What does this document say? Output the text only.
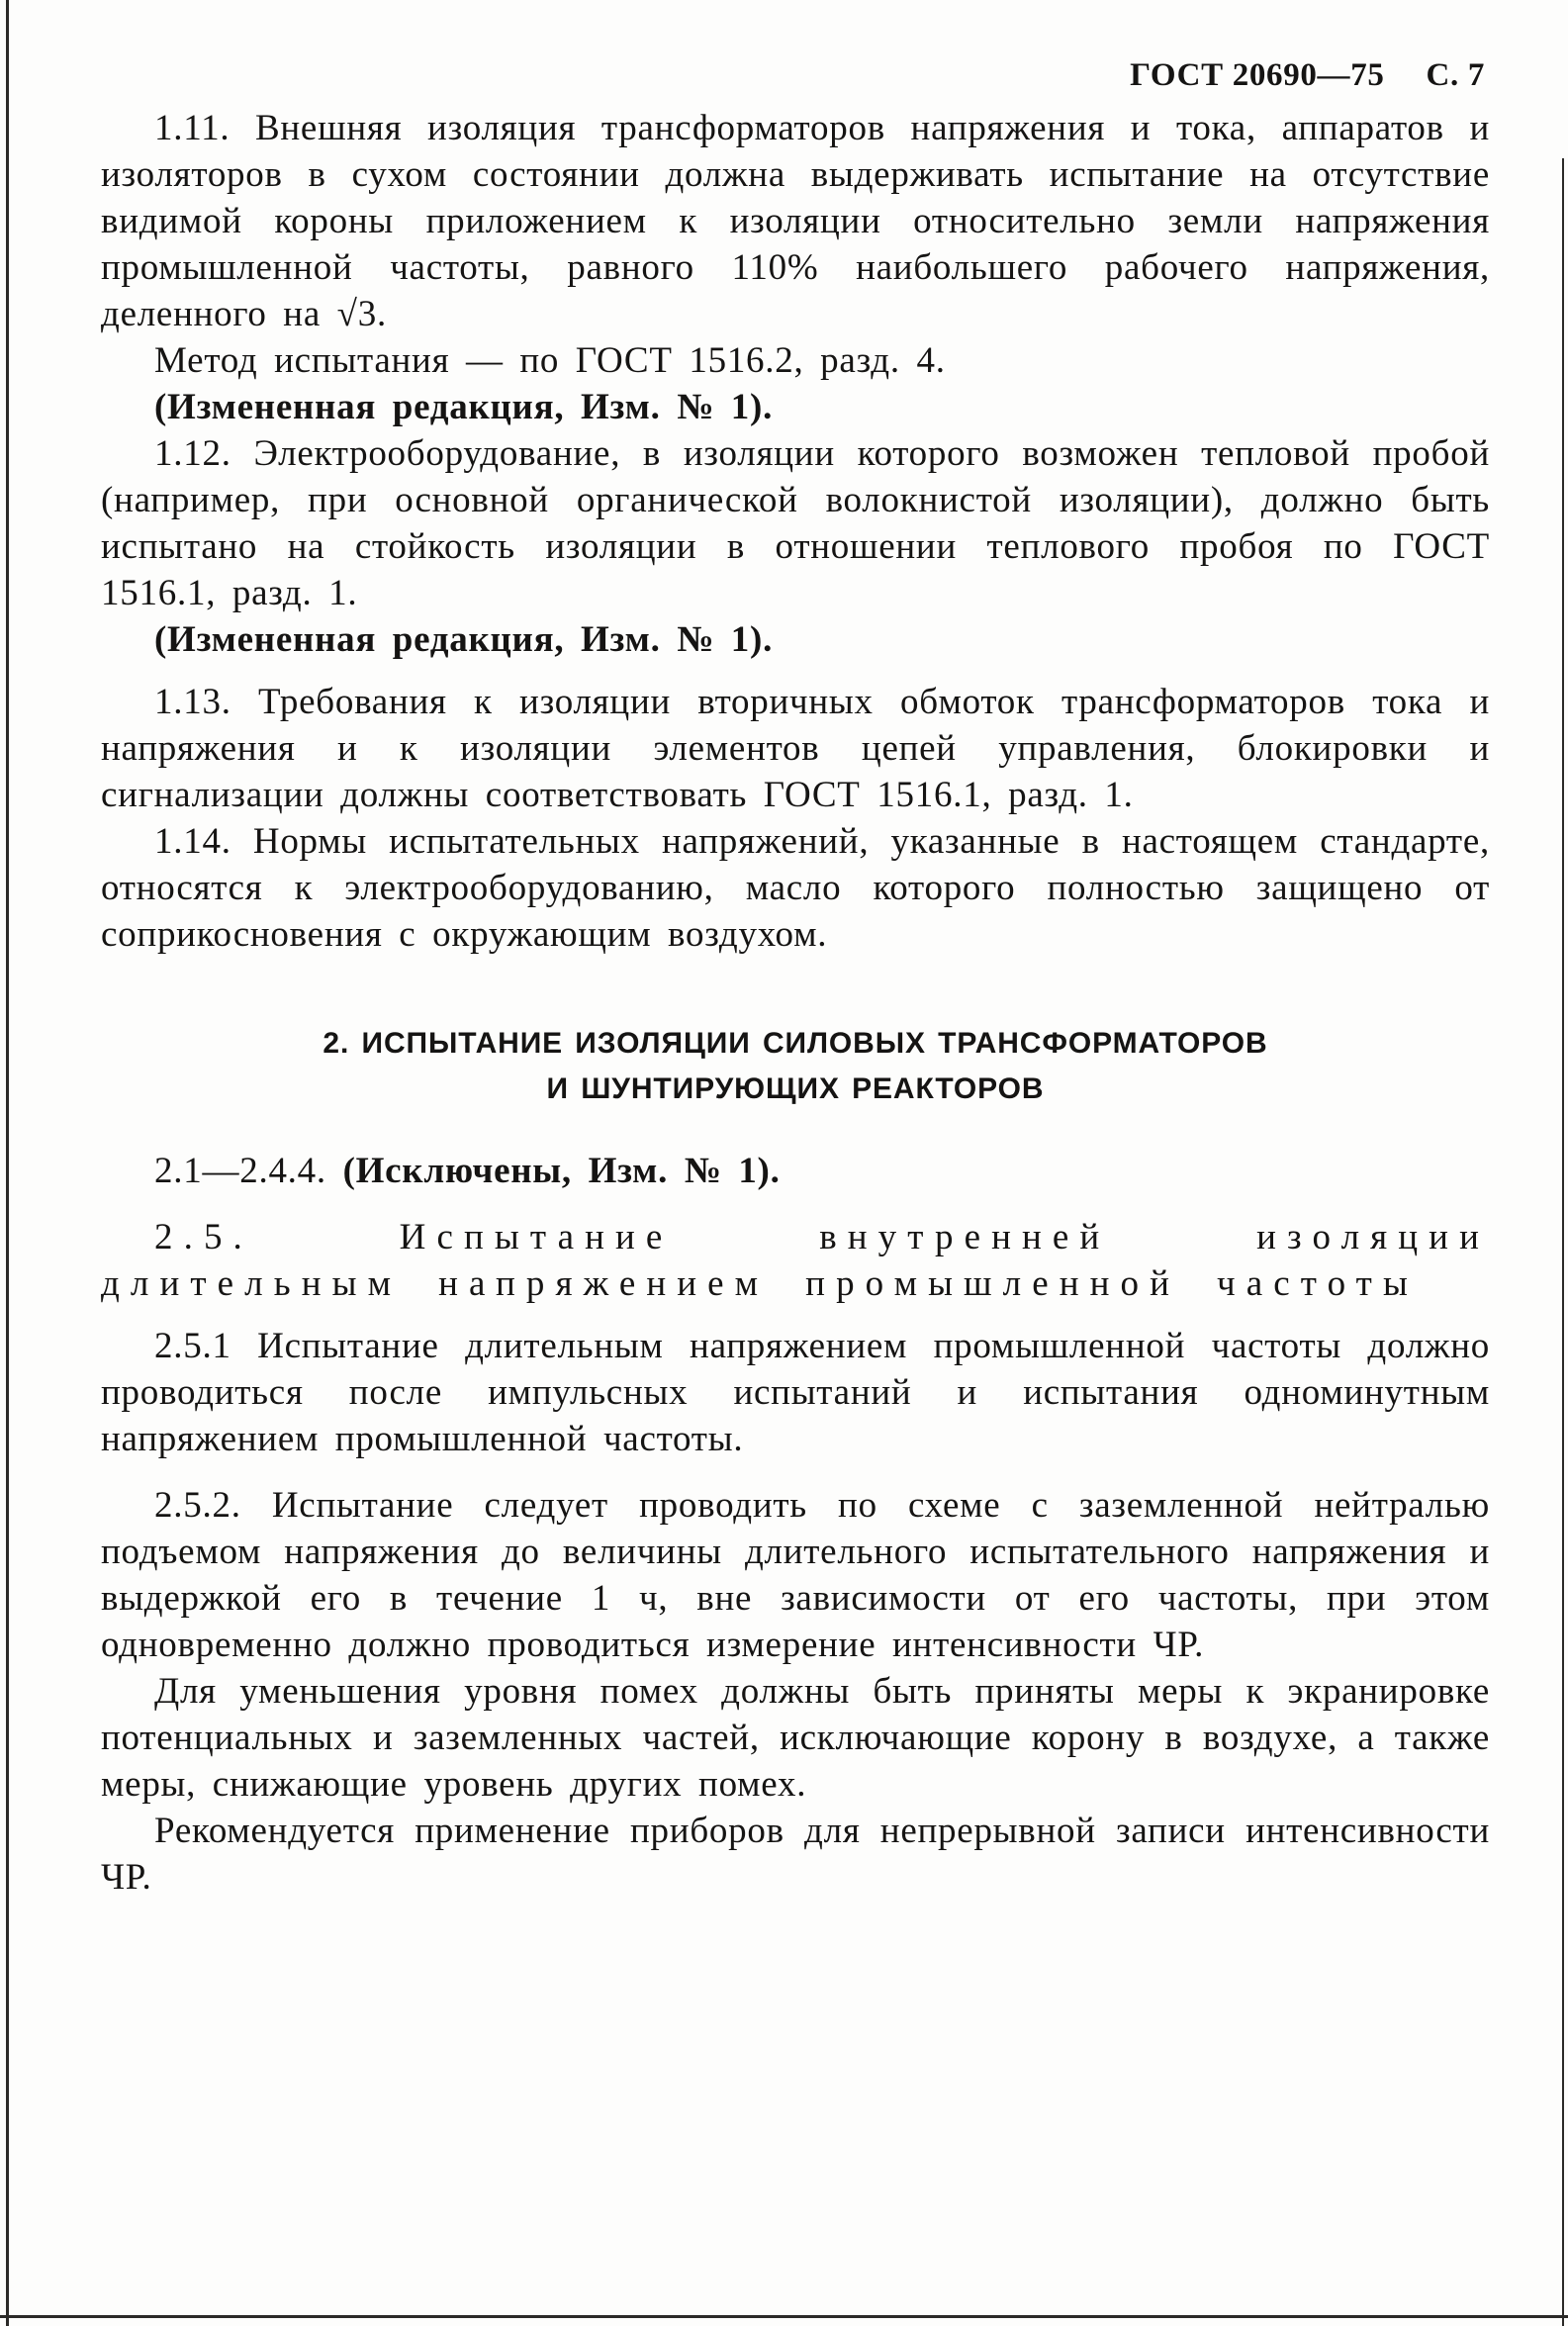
ГОСТ 20690—75 С. 7

1.11. Внешняя изоляция трансформаторов напряжения и тока, аппаратов и изоляторов в сухом состоянии должна выдерживать испытание на отсутствие видимой короны приложением к изоляции относительно земли напряжения промышленной частоты, равного 110% наибольшего рабочего напряжения, деленного на √3.

Метод испытания — по ГОСТ 1516.2, разд. 4.

(Измененная редакция, Изм. № 1).

1.12. Электрооборудование, в изоляции которого возможен тепловой пробой (например, при основной органической волокнистой изоляции), должно быть испытано на стойкость изоляции в отношении теплового пробоя по ГОСТ 1516.1, разд. 1.

(Измененная редакция, Изм. № 1).

1.13. Требования к изоляции вторичных обмоток трансформаторов тока и напряжения и к изоляции элементов цепей управления, блокировки и сигнализации должны соответствовать ГОСТ 1516.1, разд. 1.

1.14. Нормы испытательных напряжений, указанные в настоящем стандарте, относятся к электрооборудованию, масло которого полностью защищено от соприкосновения с окружающим воздухом.

2. ИСПЫТАНИЕ ИЗОЛЯЦИИ СИЛОВЫХ ТРАНСФОРМАТОРОВ
И ШУНТИРУЮЩИХ РЕАКТОРОВ

2.1—2.4.4. (Исключены, Изм. № 1).

2.5. Испытание внутренней изоляции длительным напряжением промышленной частоты

2.5.1 Испытание длительным напряжением промышленной частоты должно проводиться после импульсных испытаний и испытания одноминутным напряжением промышленной частоты.

2.5.2. Испытание следует проводить по схеме с заземленной нейтралью подъемом напряжения до величины длительного испытательного напряжения и выдержкой его в течение 1 ч, вне зависимости от его частоты, при этом одновременно должно проводиться измерение интенсивности ЧР.

Для уменьшения уровня помех должны быть приняты меры к экранировке потенциальных и заземленных частей, исключающие корону в воздухе, а также меры, снижающие уровень других помех.

Рекомендуется применение приборов для непрерывной записи интенсивности ЧР.
